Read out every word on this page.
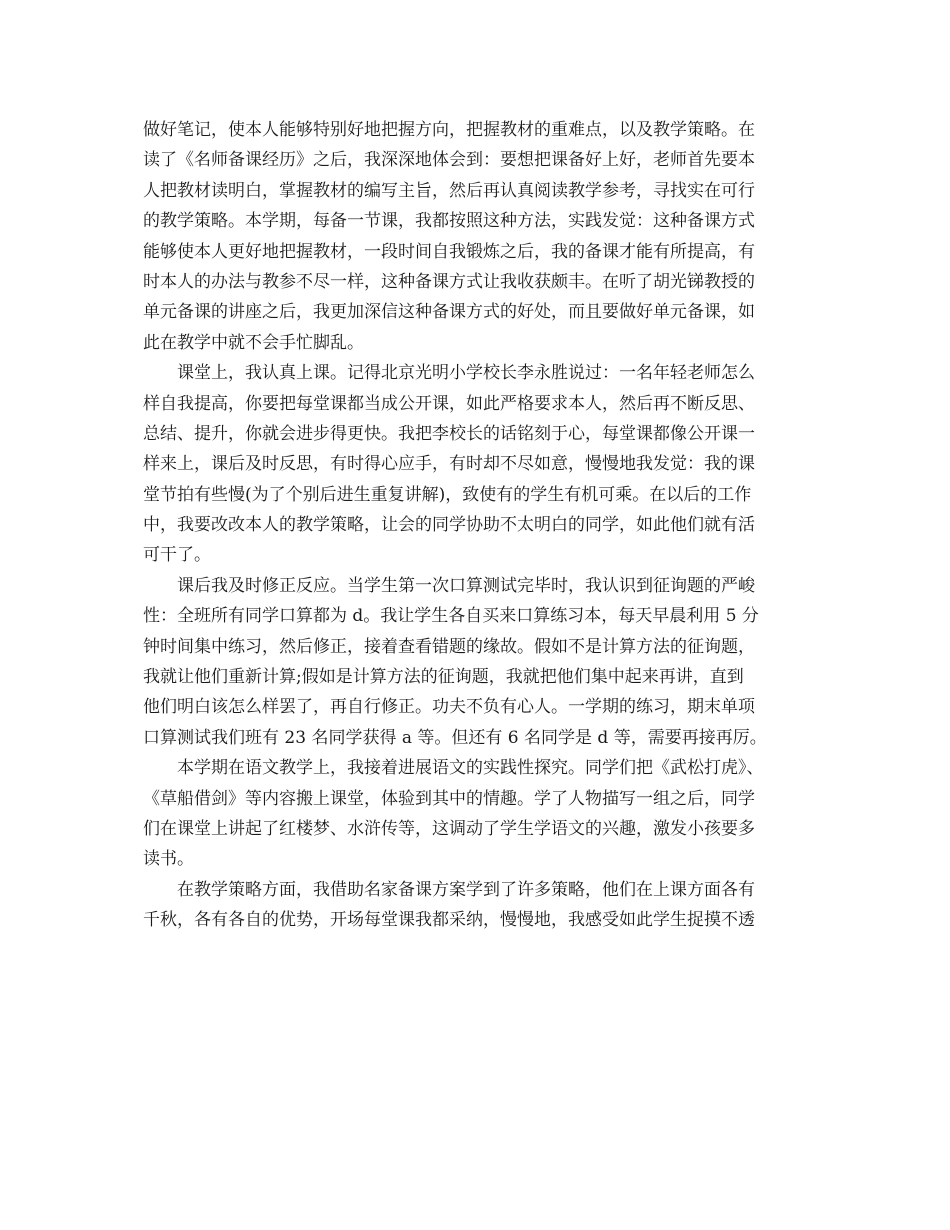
做好笔记，使本人能够特别好地把握方向，把握教材的重难点，以及教学策略。在
读了《名师备课经历》之后，我深深地体会到：要想把课备好上好，老师首先要本
人把教材读明白，掌握教材的编写主旨，然后再认真阅读教学参考，寻找实在可行
的教学策略。本学期，每备一节课，我都按照这种方法，实践发觉：这种备课方式
能够使本人更好地把握教材，一段时间自我锻炼之后，我的备课才能有所提高，有
时本人的办法与教参不尽一样，这种备课方式让我收获颇丰。在听了胡光锑教授的
单元备课的讲座之后，我更加深信这种备课方式的好处，而且要做好单元备课，如
此在教学中就不会手忙脚乱。
　　课堂上，我认真上课。记得北京光明小学校长李永胜说过：一名年轻老师怎么
样自我提高，你要把每堂课都当成公开课，如此严格要求本人，然后再不断反思、
总结、提升，你就会进步得更快。我把李校长的话铭刻于心，每堂课都像公开课一
样来上，课后及时反思，有时得心应手，有时却不尽如意，慢慢地我发觉：我的课
堂节拍有些慢(为了个别后进生重复讲解)，致使有的学生有机可乘。在以后的工作
中，我要改改本人的教学策略，让会的同学协助不太明白的同学，如此他们就有活
可干了。
　　课后我及时修正反应。当学生第一次口算测试完毕时，我认识到征询题的严峻
性：全班所有同学口算都为 d。我让学生各自买来口算练习本，每天早晨利用 5 分
钟时间集中练习，然后修正，接着查看错题的缘故。假如不是计算方法的征询题，
我就让他们重新计算;假如是计算方法的征询题，我就把他们集中起来再讲，直到
他们明白该怎么样罢了，再自行修正。功夫不负有心人。一学期的练习，期末单项
口算测试我们班有 23 名同学获得 a 等。但还有 6 名同学是 d 等，需要再接再厉。
　　本学期在语文教学上，我接着进展语文的实践性探究。同学们把《武松打虎》、
《草船借剑》等内容搬上课堂，体验到其中的情趣。学了人物描写一组之后，同学
们在课堂上讲起了红楼梦、水浒传等，这调动了学生学语文的兴趣，激发小孩要多
读书。
　　在教学策略方面，我借助名家备课方案学到了许多策略，他们在上课方面各有
千秋，各有各自的优势，开场每堂课我都采纳，慢慢地，我感受如此学生捉摸不透
